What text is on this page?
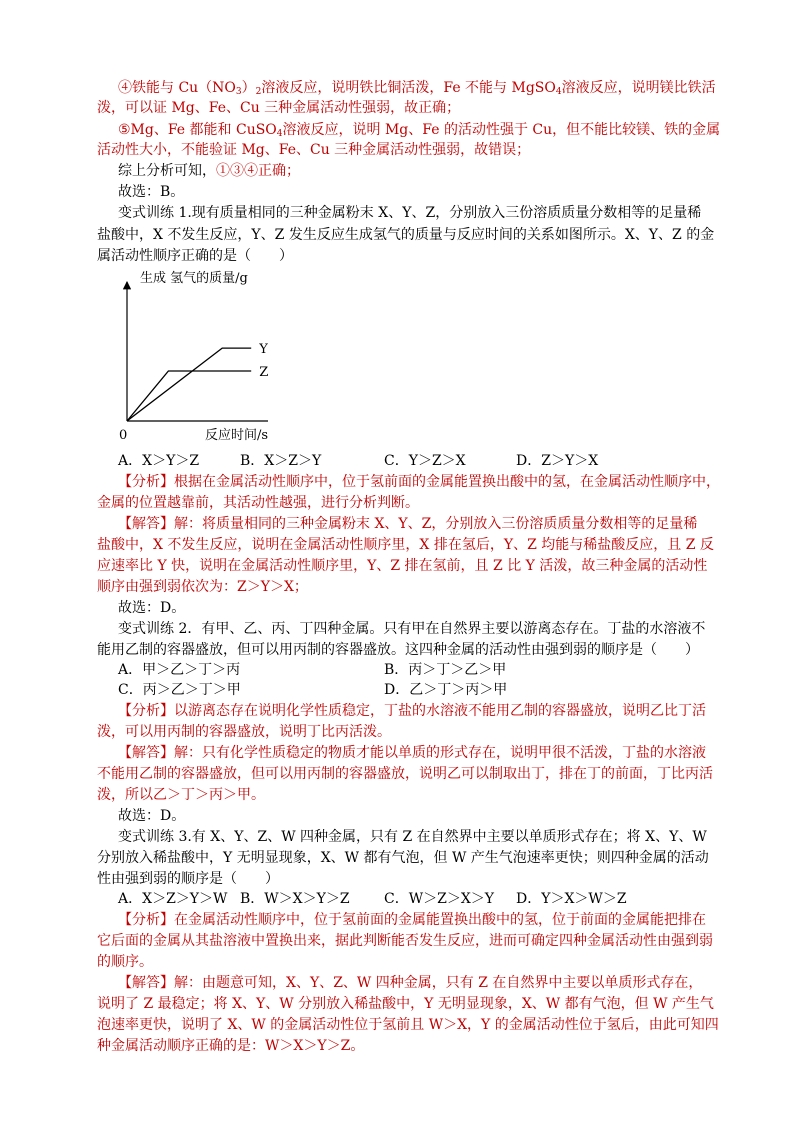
④铁能与 $Cu(NO_3)_2$溶液反应，说明铁比铜活泼，Fe 不能与 MgSO$_4$溶液反应，说明镁比铁活
泼，可以证 Mg、Fe、Cu 三种金属活动性强弱，故正确；
⑤Mg、Fe 都能和 CuSO$_4$溶液反应，说明 Mg、Fe 的活动性强于 Cu，但不能比较镁、铁的金属
活动性大小，不能验证 Mg、Fe、Cu 三种金属活动性强弱，故错误；
综上分析可知，①③④正确；
故选：B。
变式训练 1.现有质量相同的三种金属粉末 X、Y、Z，分别放入三份溶质质量分数相等的足量稀
盐酸中，X 不发生反应，Y、Z 发生反应生成氢气的质量与反应时间的关系如图所示。X、Y、Z 的金
属活动性顺序正确的是（　　）
生成 氢气的质量/g
0	反应时间/s
Y
Z
A．X＞Y＞Z	B．X＞Z＞Y	C．Y＞Z＞X	D．Z＞Y＞X
【分析】根据在金属活动性顺序中，位于氢前面的金属能置换出酸中的氢，在金属活动性顺序中，
金属的位置越靠前，其活动性越强，进行分析判断。
【解答】解：将质量相同的三种金属粉末 X、Y、Z，分别放入三份溶质质量分数相等的足量稀
盐酸中，X 不发生反应，说明在金属活动性顺序里，X 排在氢后，Y、Z 均能与稀盐酸反应，且 Z 反
应速率比 Y 快，说明在金属活动性顺序里，Y、Z 排在氢前，且 Z 比 Y 活泼，故三种金属的活动性
顺序由强到弱依次为：Z＞Y＞X；
故选：D。
变式训练 2．有甲、乙、丙、丁四种金属。只有甲在自然界主要以游离态存在。丁盐的水溶液不
能用乙制的容器盛放，但可以用丙制的容器盛放。这四种金属的活动性由强到弱的顺序是（　　）
A．甲＞乙＞丁＞丙	B．丙＞丁＞乙＞甲
C．丙＞乙＞丁＞甲	D．乙＞丁＞丙＞甲
【分析】以游离态存在说明化学性质稳定，丁盐的水溶液不能用乙制的容器盛放，说明乙比丁活
泼，可以用丙制的容器盛放，说明丁比丙活泼。
【解答】解：只有化学性质稳定的物质才能以单质的形式存在，说明甲很不活泼，丁盐的水溶液
不能用乙制的容器盛放，但可以用丙制的容器盛放，说明乙可以制取出丁，排在丁的前面，丁比丙活
泼，所以乙＞丁＞丙＞甲。
故选：D。
变式训练 3.有 X、Y、Z、W 四种金属，只有 Z 在自然界中主要以单质形式存在；将 X、Y、W
分别放入稀盐酸中，Y 无明显现象，X、W 都有气泡，但 W 产生气泡速率更快；则四种金属的活动
性由强到弱的顺序是（　　）
A．X＞Z＞Y＞W B．W＞X＞Y＞Z C．W＞Z＞X＞Y D．Y＞X＞W＞Z
【分析】在金属活动性顺序中，位于氢前面的金属能置换出酸中的氢，位于前面的金属能把排在
它后面的金属从其盐溶液中置换出来，据此判断能否发生反应，进而可确定四种金属活动性由强到弱
的顺序。
【解答】解：由题意可知，X、Y、Z、W 四种金属，只有 Z 在自然界中主要以单质形式存在，
说明了 Z 最稳定；将 X、Y、W 分别放入稀盐酸中，Y 无明显现象，X、W 都有气泡，但 W 产生气
泡速率更快，说明了 X、W 的金属活动性位于氢前且 W＞X，Y 的金属活动性位于氢后，由此可知四
种金属活动顺序正确的是：W＞X＞Y＞Z。
